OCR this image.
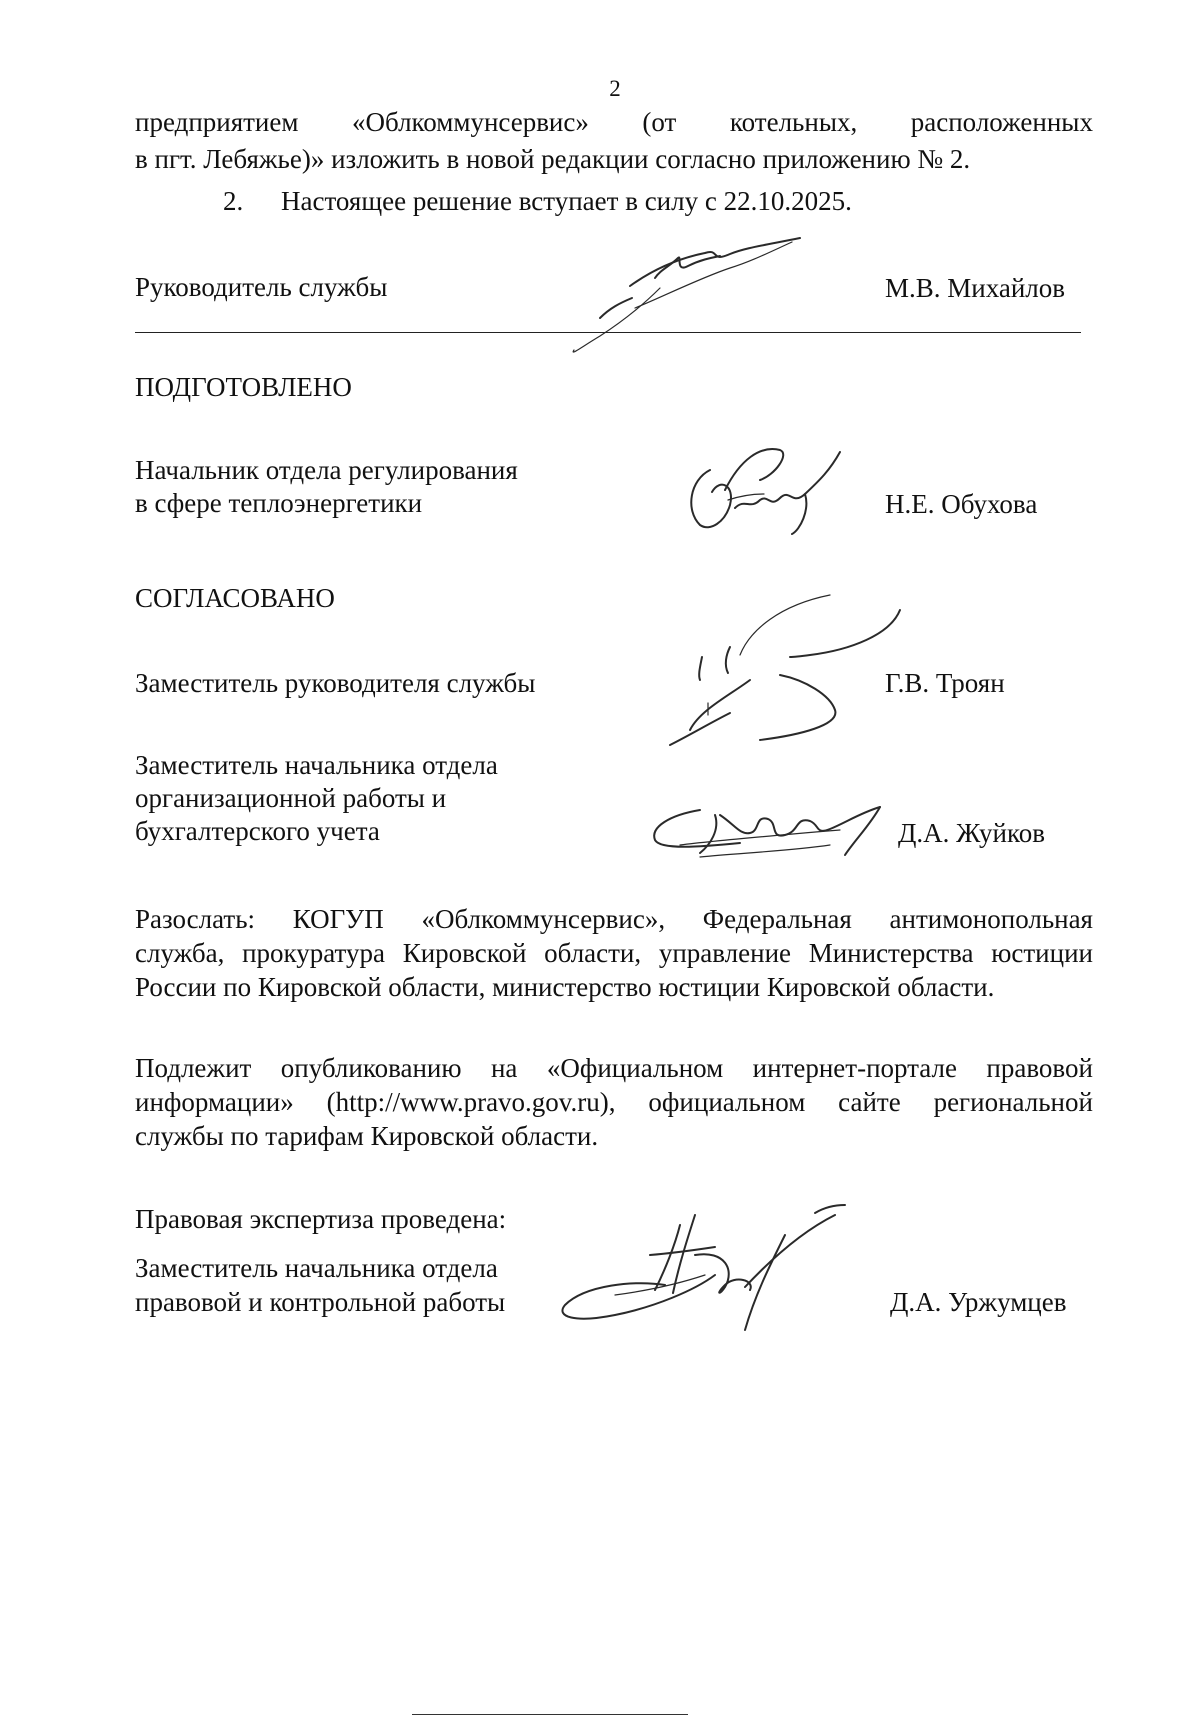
2
предприятием «Облкоммунсервис» (от котельных, расположенных
в пгт. Лебяжье)» изложить в новой редакции согласно приложению № 2.
2. Настоящее решение вступает в силу с 22.10.2025.
Руководитель службы	М.В. Михайлов
ПОДГОТОВЛЕНО
Начальник отдела регулирования
в сфере теплоэнергетики	Н.Е. Обухова
СОГЛАСОВАНО
Заместитель руководителя службы	Г.В. Троян
Заместитель начальника отдела
организационной работы и
бухгалтерского учета	Д.А. Жуйков
Разослать: КОГУП «Облкоммунсервис», Федеральная антимонопольная
служба, прокуратура Кировской области, управление Министерства юстиции
России по Кировской области, министерство юстиции Кировской области.
Подлежит опубликованию на «Официальном интернет-портале правовой
информации» (http://www.pravo.gov.ru), официальном сайте региональной
службы по тарифам Кировской области.
Правовая экспертиза проведена:
Заместитель начальника отдела
правовой и контрольной работы	Д.А. Уржумцев
